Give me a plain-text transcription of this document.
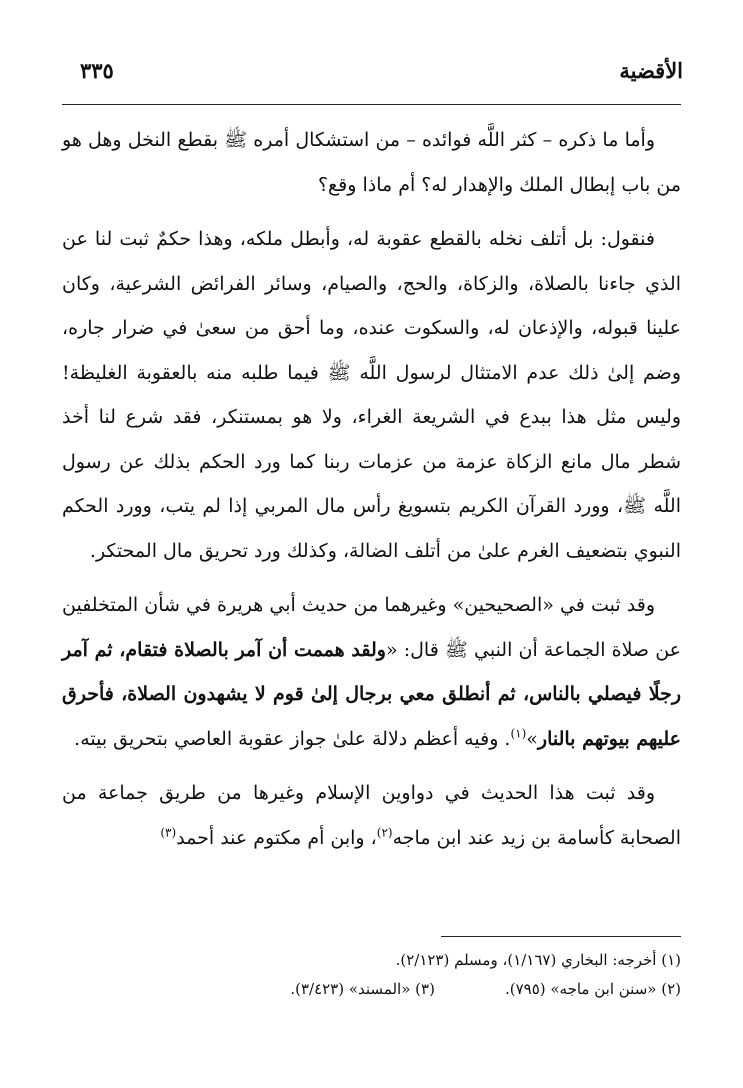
الأقضية
٣٣٥

وأما ما ذكره – كثر اللَّه فوائده – من استشكال أمره ﷺ بقطع النخل وهل هو من باب إبطال الملك والإهدار له؟ أم ماذا وقع؟

فنقول: بل أتلف نخله بالقطع عقوبة له، وأبطل ملكه، وهذا حكمٌ ثبت لنا عن الذي جاءنا بالصلاة، والزكاة، والحج، والصيام، وسائر الفرائض الشرعية، وكان علينا قبوله، والإذعان له، والسكوت عنده، وما أحق من سعىٰ في ضرار جاره، وضم إلىٰ ذلك عدم الامتثال لرسول اللَّه ﷺ فيما طلبه منه بالعقوبة الغليظة! وليس مثل هذا ببدع في الشريعة الغراء، ولا هو بمستنكر، فقد شرع لنا أخذ شطر مال مانع الزكاة عزمة من عزمات ربنا كما ورد الحكم بذلك عن رسول اللَّه ﷺ، وورد القرآن الكريم بتسويغ رأس مال المربي إذا لم يتب، وورد الحكم النبوي بتضعيف الغرم علىٰ من أتلف الضالة، وكذلك ورد تحريق مال المحتكر.

وقد ثبت في «الصحيحين» وغيرهما من حديث أبي هريرة في شأن المتخلفين عن صلاة الجماعة أن النبي ﷺ قال: «ولقد هممت أن آمر بالصلاة فتقام، ثم آمر رجلًا فيصلي بالناس، ثم أنطلق معي برجال إلىٰ قوم لا يشهدون الصلاة، فأحرق عليهم بيوتهم بالنار»$^{(١)}$. وفيه أعظم دلالة علىٰ جواز عقوبة العاصي بتحريق بيته.

وقد ثبت هذا الحديث في دواوين الإسلام وغيرها من طريق جماعة من الصحابة كأسامة بن زيد عند ابن ماجه$^{(٢)}$، وابن أم مكتوم عند أحمد$^{(٣)}$

(١) أخرجه: البخاري (١/١٦٧)، ومسلم (٢/١٢٣).
(٢) «سنن ابن ماجه» (٧٩٥).(٣) «المسند» (٣/٤٢٣).
